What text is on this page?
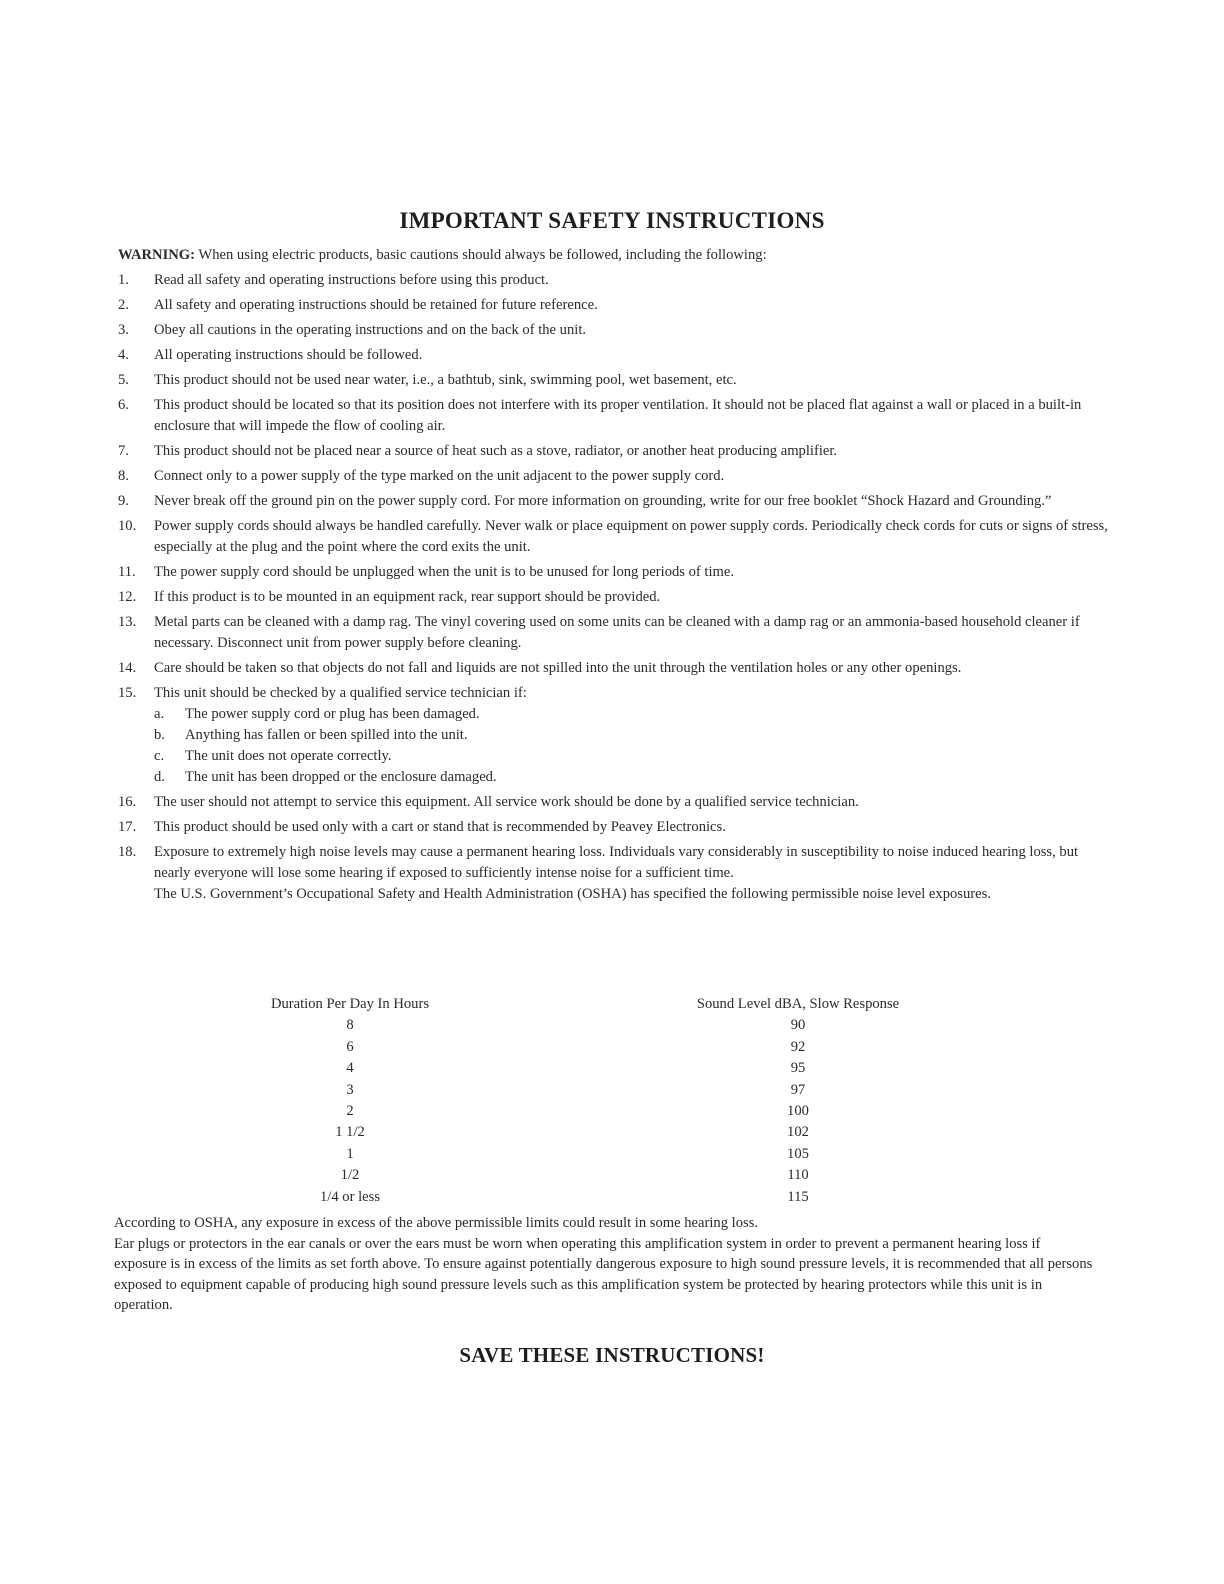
IMPORTANT SAFETY INSTRUCTIONS
WARNING: When using electric products, basic cautions should always be followed, including the following:
1.	Read all safety and operating instructions before using this product.

2.	All safety and operating instructions should be retained for future reference.

3.	Obey all cautions in the operating instructions and on the back of the unit.

4.	All operating instructions should be followed.

5.	This product should not be used near water, i.e., a bathtub, sink, swimming pool, wet basement, etc.

6.	This product should be located so that its position does not interfere with its proper ventilation. It should not be placed flat against a wall or placed in a built-in enclosure that will impede the flow of cooling air.

7.	This product should not be placed near a source of heat such as a stove, radiator, or another heat producing amplifier.

8.	Connect only to a power supply of the type marked on the unit adjacent to the power supply cord.

9.	Never break off the ground pin on the power supply cord. For more information on grounding, write for our free booklet “Shock Hazard and Grounding.”

10.	Power supply cords should always be handled carefully. Never walk or place equipment on power supply cords. Periodically check cords for cuts or signs of stress, especially at the plug and the point where the cord exits the unit.

11.	The power supply cord should be unplugged when the unit is to be unused for long periods of time.

12.	If this product is to be mounted in an equipment rack, rear support should be provided.

13.	Metal parts can be cleaned with a damp rag. The vinyl covering used on some units can be cleaned with a damp rag or an ammonia-based household cleaner if necessary. Disconnect unit from power supply before cleaning.

14.	Care should be taken so that objects do not fall and liquids are not spilled into the unit through the ventilation holes or any other openings.

15.	This unit should be checked by a qualified service technician if:

a.	The power supply cord or plug has been damaged.
b.	Anything has fallen or been spilled into the unit.
c.	The unit does not operate correctly.
d.	The unit has been dropped or the enclosure damaged.
16.	The user should not attempt to service this equipment. All service work should be done by a qualified service technician.

17.	This product should be used only with a cart or stand that is recommended by Peavey Electronics.

18.	Exposure to extremely high noise levels may cause a permanent hearing loss. Individuals vary considerably in susceptibility to noise induced hearing loss, but nearly everyone will lose some hearing if exposed to sufficiently intense noise for a sufficient time.

The U.S. Government’s Occupational Safety and Health Administration (OSHA) has specified the following permissible noise level exposures.

Duration Per Day In Hours	Sound Level dBA, Slow Response
8	90
6	92
4	95
3	97
2	100
1 1/2	102
1	105
1/2	110
1/4 or less	115

According to OSHA, any exposure in excess of the above permissible limits could result in some hearing loss.

Ear plugs or protectors in the ear canals or over the ears must be worn when operating this amplification system in order to prevent a permanent hearing loss if exposure is in excess of the limits as set forth above. To ensure against potentially dangerous exposure to high sound pressure levels, it is recommended that all persons exposed to equipment capable of producing high sound pressure levels such as this amplification system be protected by hearing protectors while this unit is in operation.

SAVE THESE INSTRUCTIONS!
